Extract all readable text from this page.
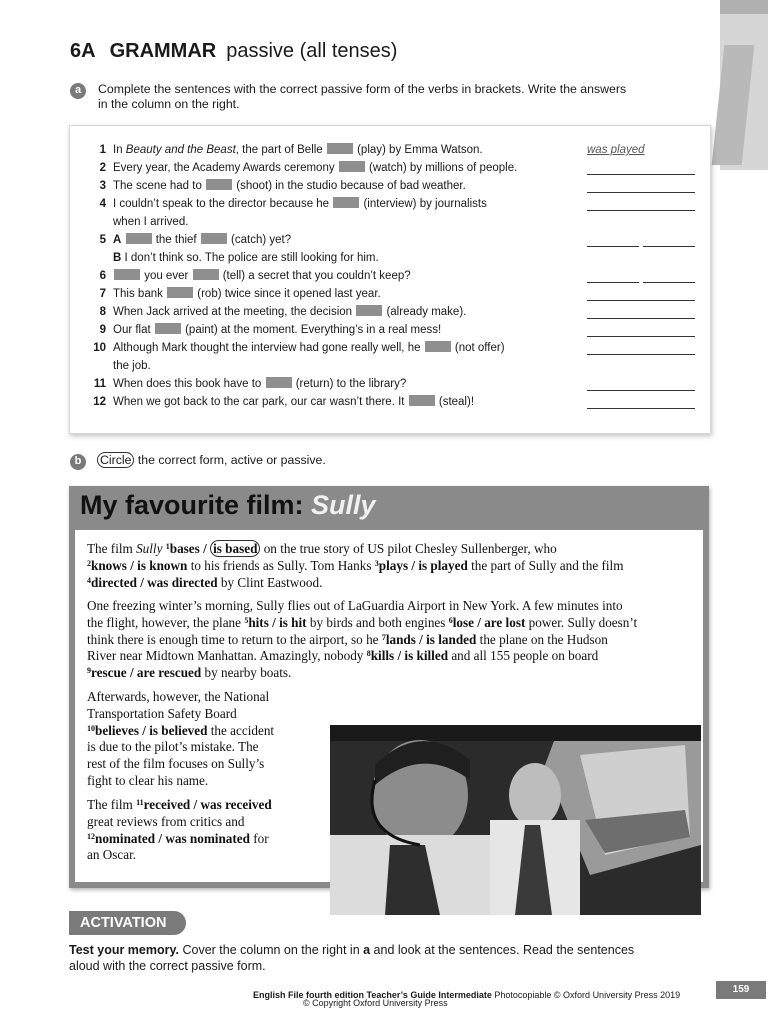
6A GRAMMAR passive (all tenses)
a	Complete the sentences with the correct passive form of the verbs in brackets. Write the answers
in the column on the right.
1 In Beauty and the Beast, the part of Belle  (play) by Emma Watson.	was played
2 Every year, the Academy Awards ceremony  (watch) by millions of people.
3 The scene had to  (shoot) in the studio because of bad weather.
4 I couldn’t speak to the director because he  (interview) by journalists
when I arrived.
5 A	the thief  (catch) yet?
B I don’t think so. The police are still looking for him.
6	you ever  (tell) a secret that you couldn’t keep?
7 This bank  (rob) twice since it opened last year.
8 When Jack arrived at the meeting, the decision  (already make).
9 Our flat  (paint) at the moment. Everything’s in a real mess!
10 Although Mark thought the interview had gone really well, he  (not offer)
the job.
11 When does this book have to  (return) to the library?
12 When we got back to the car park, our car wasn’t there. It  (steal)!
b	Circle the correct form, active or passive.
My favourite film: Sully
The film Sully $^1$bases / is based on the true story of US pilot Chesley Sullenberger, who
$^2$knows / is known to his friends as Sully. Tom Hanks $^3$plays / is played the part of Sully and the film
$^4$directed / was directed by Clint Eastwood.
One freezing winter’s morning, Sully flies out of LaGuardia Airport in New York. A few minutes into
the flight, however, the plane $^5$hits / is hit by birds and both engines $^6$lose / are lost power. Sully doesn’t
think there is enough time to return to the airport, so he $^7$lands / is landed the plane on the Hudson
River near Midtown Manhattan. Amazingly, nobody $^8$kills / is killed and all 155 people on board
$^9$rescue / are rescued by nearby boats.
Afterwards, however, the National
Transportation Safety Board
$^{10}$believes / is believed the accident
is due to the pilot’s mistake. The
rest of the film focuses on Sully’s
fight to clear his name.
The film $^{11}$received / was received
great reviews from critics and
$^{12}$nominated / was nominated for
an Oscar.
ACTIVATION
Test your memory. Cover the column on the right in a and look at the sentences. Read the sentences
aloud with the correct passive form.
English File fourth edition Teacher’s Guide Intermediate Photocopiable © Oxford University Press 2019
© Copyright Oxford University Press
159
